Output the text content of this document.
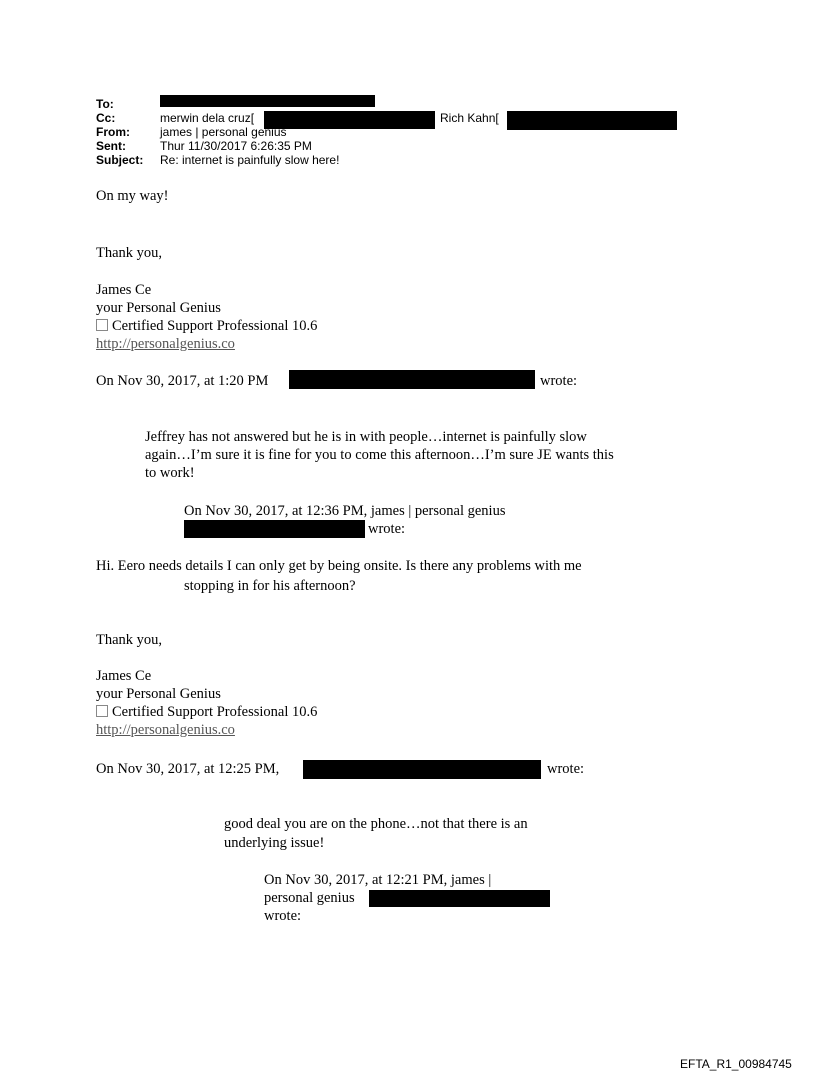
To:
Cc:	merwin dela cruz[	Rich Kahn[
From:	james | personal genius
Sent:	Thur 11/30/2017 6:26:35 PM
Subject: Re: internet is painfully slow here!
On my way!
Thank you,
James Ce
your Personal Genius
Certified Support Professional 10.6
http://personalgenius.co
On Nov 30, 2017, at 1:20 PM	wrote:
Jeffrey has not answered but he is in with people…internet is painfully slow
again…I’m sure it is fine for you to come this afternoon…I’m sure JE wants this
to work!
On Nov 30, 2017, at 12:36 PM, james | personal genius
wrote:
Hi. Eero needs details I can only get by being onsite. Is there any problems with me
stopping in for his afternoon?
Thank you,
James Ce
your Personal Genius
Certified Support Professional 10.6
http://personalgenius.co
On Nov 30, 2017, at 12:25 PM,	wrote:
good deal you are on the phone…not that there is an
underlying issue!
On Nov 30, 2017, at 12:21 PM, james |
personal genius
wrote:
EFTA_R1_00984745
